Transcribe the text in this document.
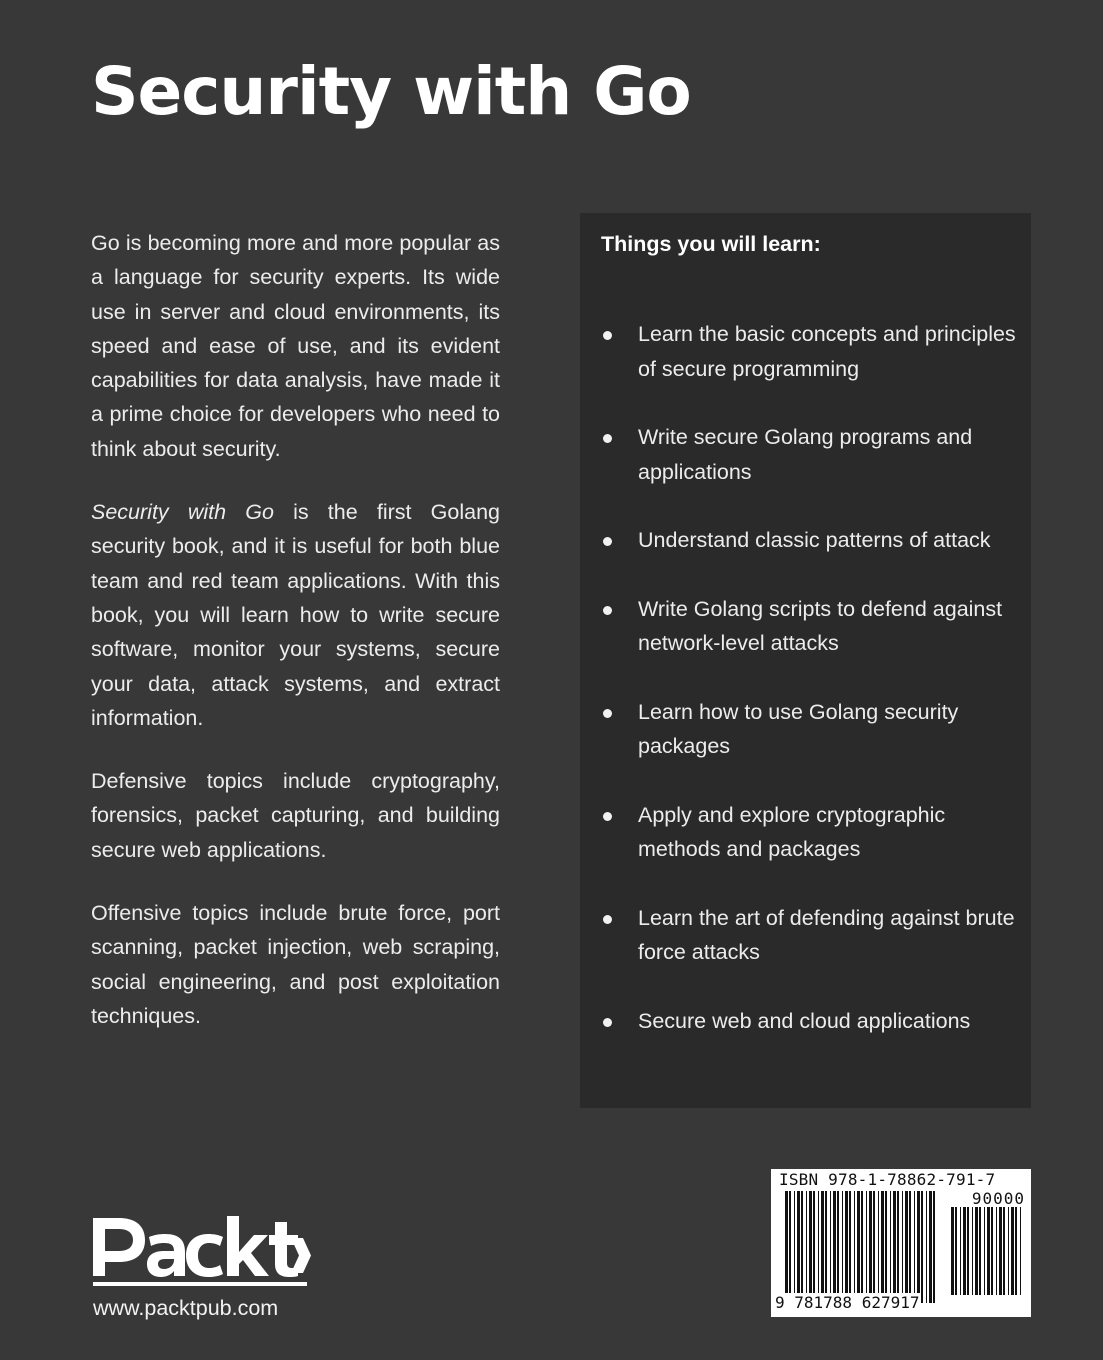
Security with Go

Go is becoming more and more popular as a language for security experts. Its wide use in server and cloud environments, its speed and ease of use, and its evident capabilities for data analysis, have made it a prime choice for developers who need to think about security.

Security with Go is the first Golang security book, and it is useful for both blue team and red team applications. With this book, you will learn how to write secure software, monitor your systems, secure your data, attack systems, and extract information.

Defensive topics include cryptography, forensics, packet capturing, and building secure web applications.

Offensive topics include brute force, port scanning, packet injection, web scraping, social engineering, and post exploitation techniques.

Things you will learn:
Learn the basic concepts and principles of secure programming
Write secure Golang programs and applications
Understand classic patterns of attack
Write Golang scripts to defend against network-level attacks
Learn how to use Golang security packages
Apply and explore cryptographic methods and packages
Learn the art of defending against brute force attacks
Secure web and cloud applications
www.packtpub.com
ISBN 978-1-78862-791-7
90000
9 781788 627917
